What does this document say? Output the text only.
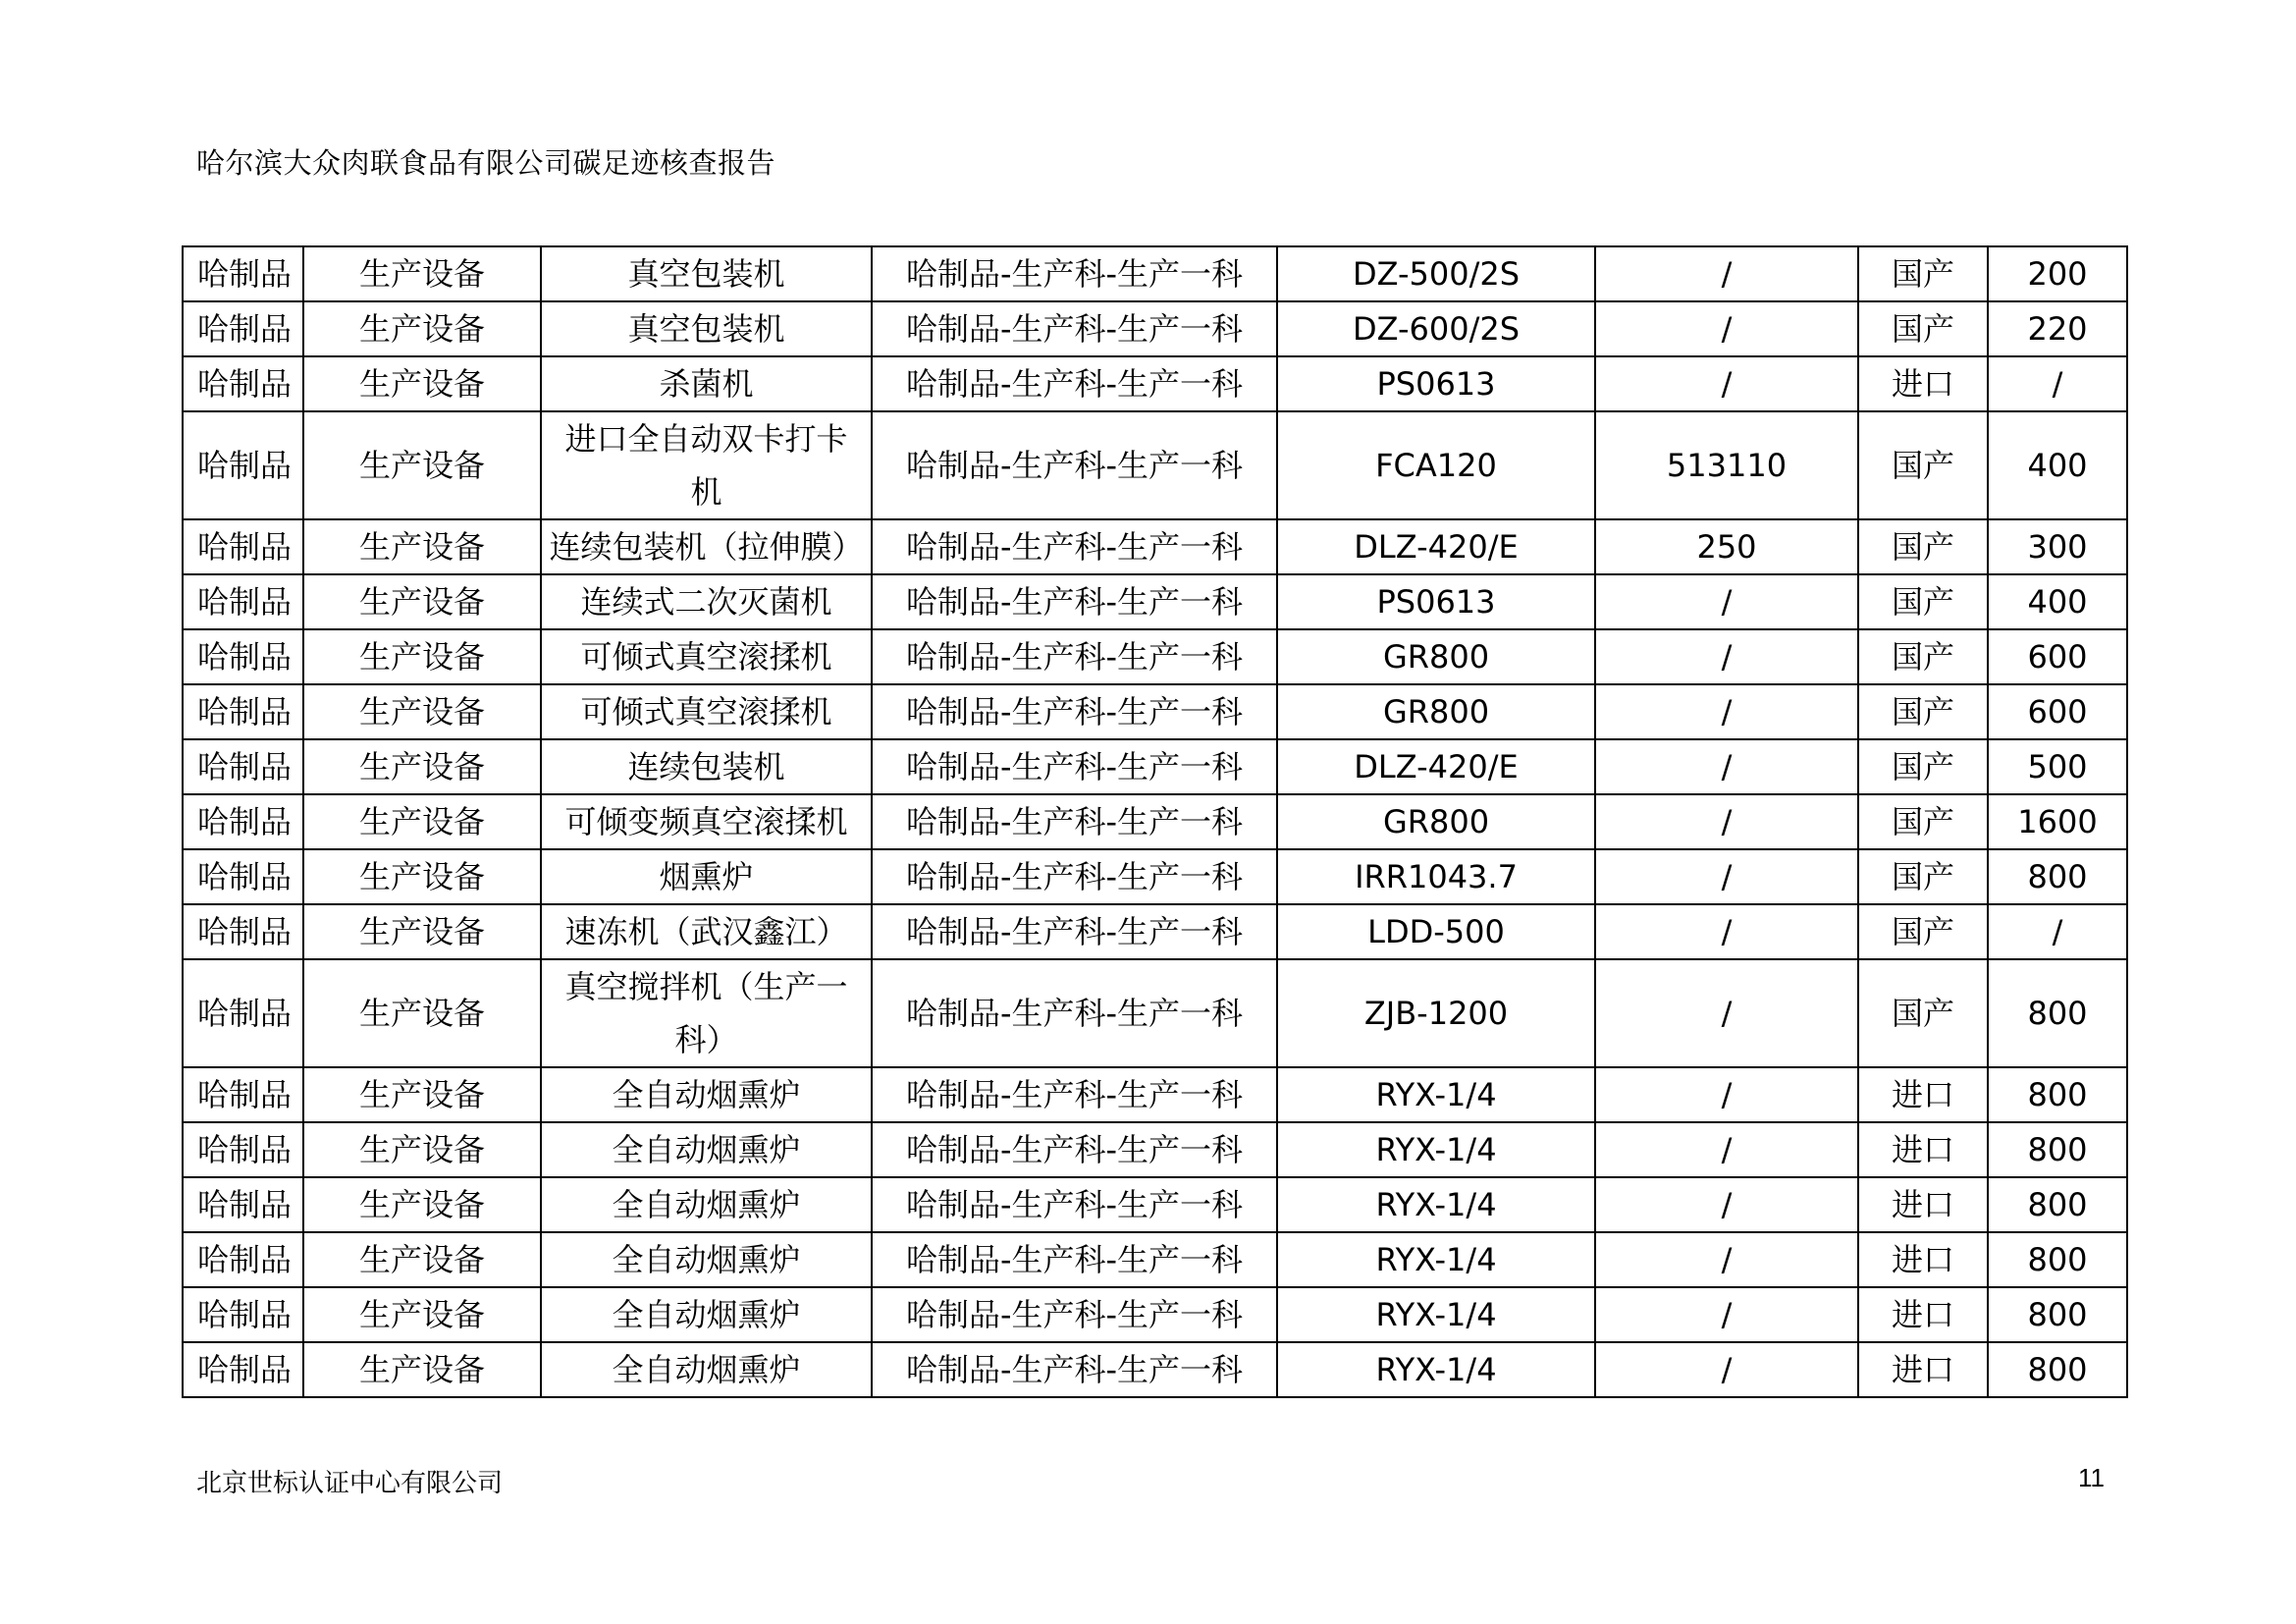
哈尔滨大众肉联食品有限公司碳足迹核查报告
哈制品	生产设备	真空包装机	哈制品-生产科-生产一科	DZ-500/2S	/	国产	200
哈制品	生产设备	真空包装机	哈制品-生产科-生产一科	DZ-600/2S	/	国产	220
哈制品	生产设备	杀菌机	哈制品-生产科-生产一科	PS0613	/	进口	/
哈制品	生产设备	进口全自动双卡打卡机	哈制品-生产科-生产一科	FCA120	513110	国产	400
哈制品	生产设备	连续包装机（拉伸膜）	哈制品-生产科-生产一科	DLZ-420/E	250	国产	300
哈制品	生产设备	连续式二次灭菌机	哈制品-生产科-生产一科	PS0613	/	国产	400
哈制品	生产设备	可倾式真空滚揉机	哈制品-生产科-生产一科	GR800	/	国产	600
哈制品	生产设备	可倾式真空滚揉机	哈制品-生产科-生产一科	GR800	/	国产	600
哈制品	生产设备	连续包装机	哈制品-生产科-生产一科	DLZ-420/E	/	国产	500
哈制品	生产设备	可倾变频真空滚揉机	哈制品-生产科-生产一科	GR800	/	国产	1600
哈制品	生产设备	烟熏炉	哈制品-生产科-生产一科	IRR1043.7	/	国产	800
哈制品	生产设备	速冻机（武汉鑫江）	哈制品-生产科-生产一科	LDD-500	/	国产	/
哈制品	生产设备	真空搅拌机（生产一科）	哈制品-生产科-生产一科	ZJB-1200	/	国产	800
哈制品	生产设备	全自动烟熏炉	哈制品-生产科-生产一科	RYX-1/4	/	进口	800
哈制品	生产设备	全自动烟熏炉	哈制品-生产科-生产一科	RYX-1/4	/	进口	800
哈制品	生产设备	全自动烟熏炉	哈制品-生产科-生产一科	RYX-1/4	/	进口	800
哈制品	生产设备	全自动烟熏炉	哈制品-生产科-生产一科	RYX-1/4	/	进口	800
哈制品	生产设备	全自动烟熏炉	哈制品-生产科-生产一科	RYX-1/4	/	进口	800
哈制品	生产设备	全自动烟熏炉	哈制品-生产科-生产一科	RYX-1/4	/	进口	800
北京世标认证中心有限公司	11
